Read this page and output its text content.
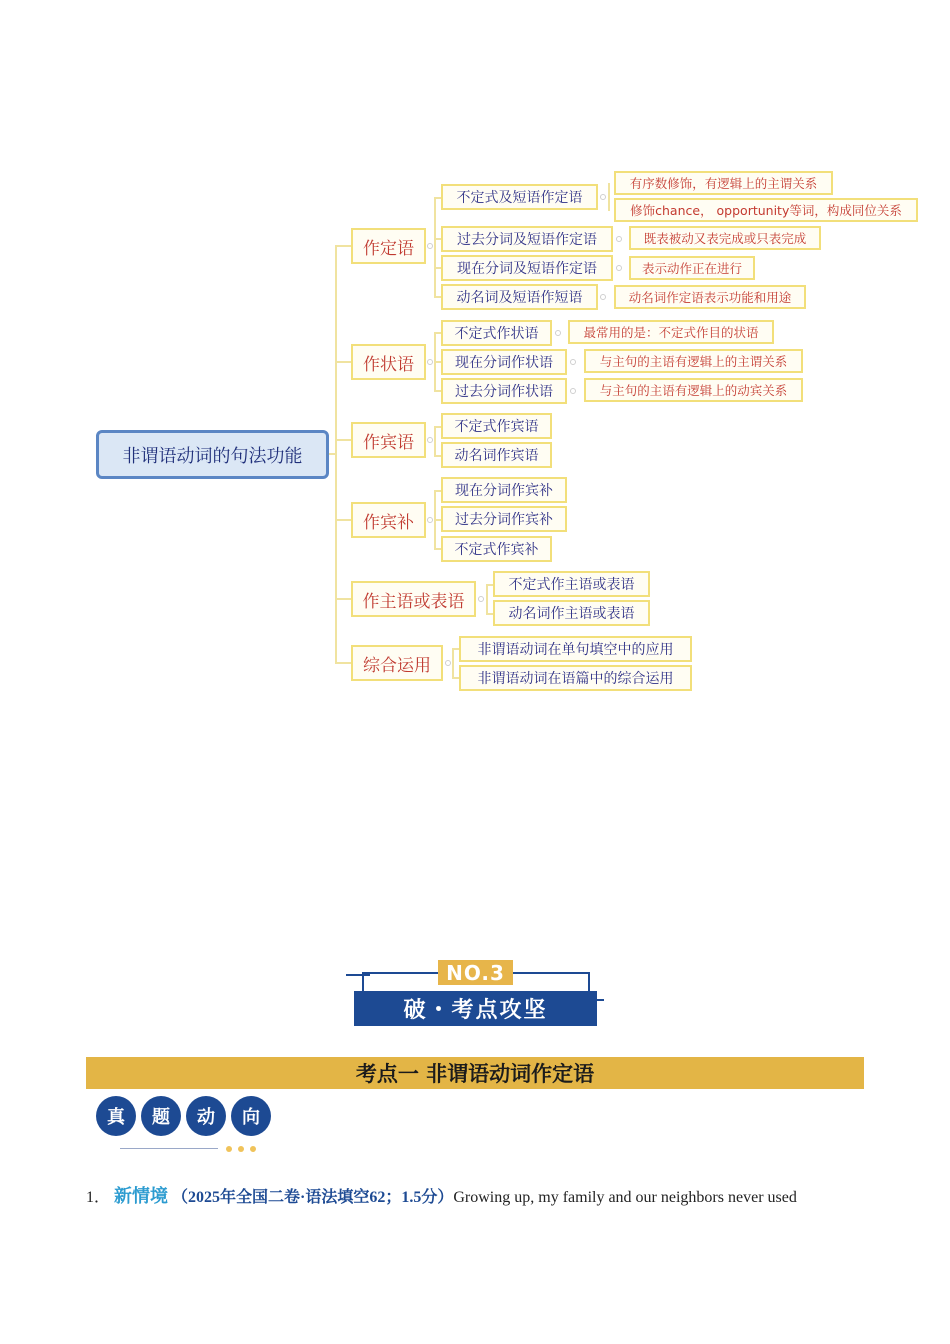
非谓语动词的句法功能
作定语
不定式及短语作定语
有序数修饰，有逻辑上的主谓关系
修饰chance， opportunity等词，构成同位关系
过去分词及短语作定语	既表被动又表完成或只表完成
现在分词及短语作定语	表示动作正在进行
动名词及短语作短语	动名词作定语表示功能和用途
作状语
不定式作状语	最常用的是：不定式作目的状语
现在分词作状语	与主句的主语有逻辑上的主谓关系
过去分词作状语	与主句的主语有逻辑上的动宾关系
作宾语
不定式作宾语
动名词作宾语
作宾补
现在分词作宾补
过去分词作宾补
不定式作宾补
作主语或表语
不定式作主语或表语
动名词作主语或表语
综合运用
非谓语动词在单句填空中的应用
非谓语动词在语篇中的综合运用
NO.3
破・考点攻坚
考点一 非谓语动词作定语
真	题	动	向
1． 新情境 （2025年全国二卷·语法填空62；1.5分）Growing up, my family and our neighbors never used
